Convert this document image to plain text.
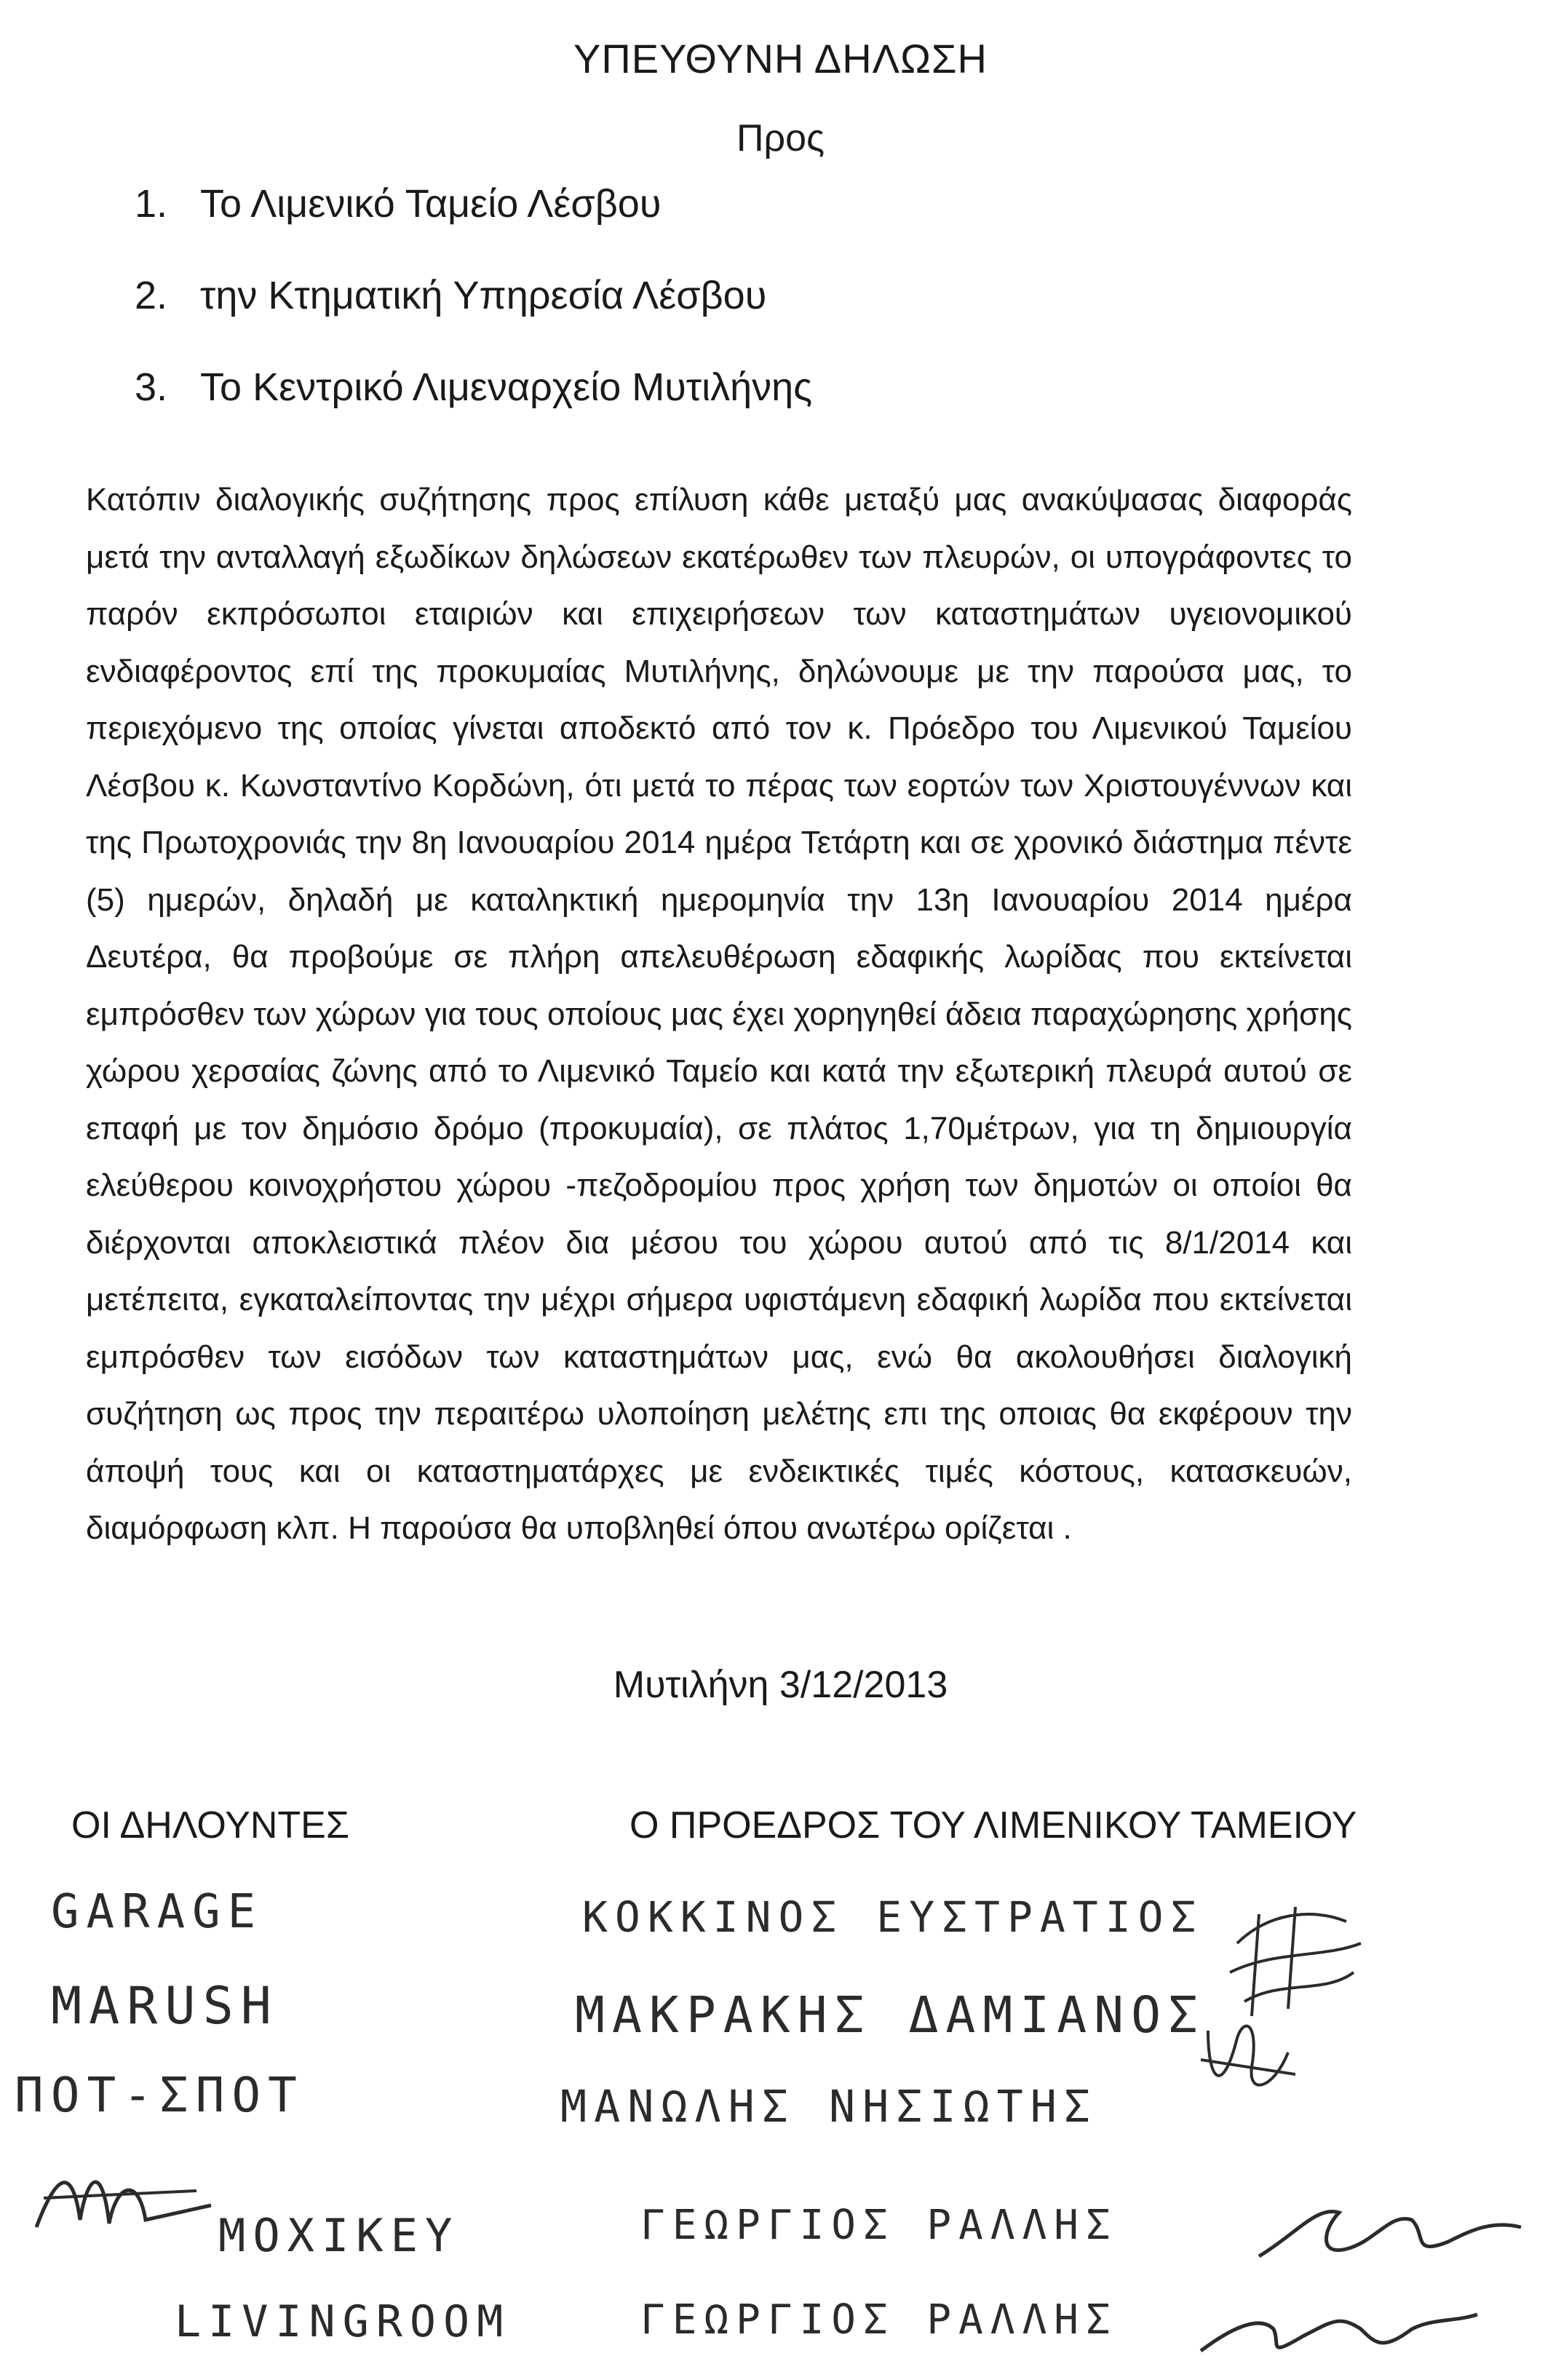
ΥΠΕΥΘΥΝΗ ΔΗΛΩΣΗ
Προς
1. Το Λιμενικό Ταμείο Λέσβου
2. την Κτηματική Υπηρεσία Λέσβου
3. Το Κεντρικό Λιμεναρχείο Μυτιλήνης

Κατόπιν διαλογικής συζήτησης προς επίλυση κάθε μεταξύ μας ανακύψασας διαφοράς μετά την ανταλλαγή εξωδίκων δηλώσεων εκατέρωθεν των πλευρών, οι υπογράφοντες το παρόν εκπρόσωποι εταιριών και επιχειρήσεων των καταστημάτων υγειονομικού ενδιαφέροντος επί της προκυμαίας Μυτιλήνης, δηλώνουμε με την παρούσα μας, το περιεχόμενο της οποίας γίνεται αποδεκτό από τον κ. Πρόεδρο του Λιμενικού Ταμείου Λέσβου κ. Κωνσταντίνο Κορδώνη, ότι μετά το πέρας των εορτών των Χριστουγέννων και της Πρωτοχρονιάς την 8η Ιανουαρίου 2014 ημέρα Τετάρτη και σε χρονικό διάστημα πέντε (5) ημερών, δηλαδή με καταληκτική ημερομηνία την 13η Ιανουαρίου 2014 ημέρα Δευτέρα, θα προβούμε σε πλήρη απελευθέρωση εδαφικής λωρίδας που εκτείνεται εμπρόσθεν των χώρων για τους οποίους μας έχει χορηγηθεί άδεια παραχώρησης χρήσης χώρου χερσαίας ζώνης από το Λιμενικό Ταμείο και κατά την εξωτερική πλευρά αυτού σε επαφή με τον δημόσιο δρόμο (προκυμαία), σε πλάτος 1,70μέτρων, για τη δημιουργία ελεύθερου κοινοχρήστου χώρου -πεζοδρομίου προς χρήση των δημοτών οι οποίοι θα διέρχονται αποκλειστικά πλέον δια μέσου του χώρου αυτού από τις 8/1/2014 και μετέπειτα, εγκαταλείποντας την μέχρι σήμερα υφιστάμενη εδαφική λωρίδα που εκτείνεται εμπρόσθεν των εισόδων των καταστημάτων μας, ενώ θα ακολουθήσει διαλογική συζήτηση ως προς την περαιτέρω υλοποίηση μελέτης επι της οποιας θα εκφέρουν την άποψή τους και οι καταστηματάρχες με ενδεικτικές τιμές κόστους, κατασκευών, διαμόρφωση κλπ. Η παρούσα θα υποβληθεί όπου ανωτέρω ορίζεται .

Μυτιλήνη 3/12/2013
ΟΙ ΔΗΛΟΥΝΤΕΣ	Ο ΠΡΟΕΔΡΟΣ ΤΟΥ ΛΙΜΕΝΙΚΟΥ ΤΑΜΕΙΟΥ
GARAGE
MARUSH
ΠΟΤ-ΣΠΟΤ
MOXIKEY
LIVINGROOM
ΚΟΚΚΙΝΟΣ ΕΥΣΤΡΑΤΙΟΣ
ΜΑΚΡΑΚΗΣ ΔΑΜΙΑΝΟΣ
ΜΑΝΩΛΗΣ ΝΗΣΙΩΤΗΣ
ΓΕΩΡΓΙΟΣ ΡΑΛΛΗΣ
ΓΕΩΡΓΙΟΣ ΡΑΛΛΗΣ
